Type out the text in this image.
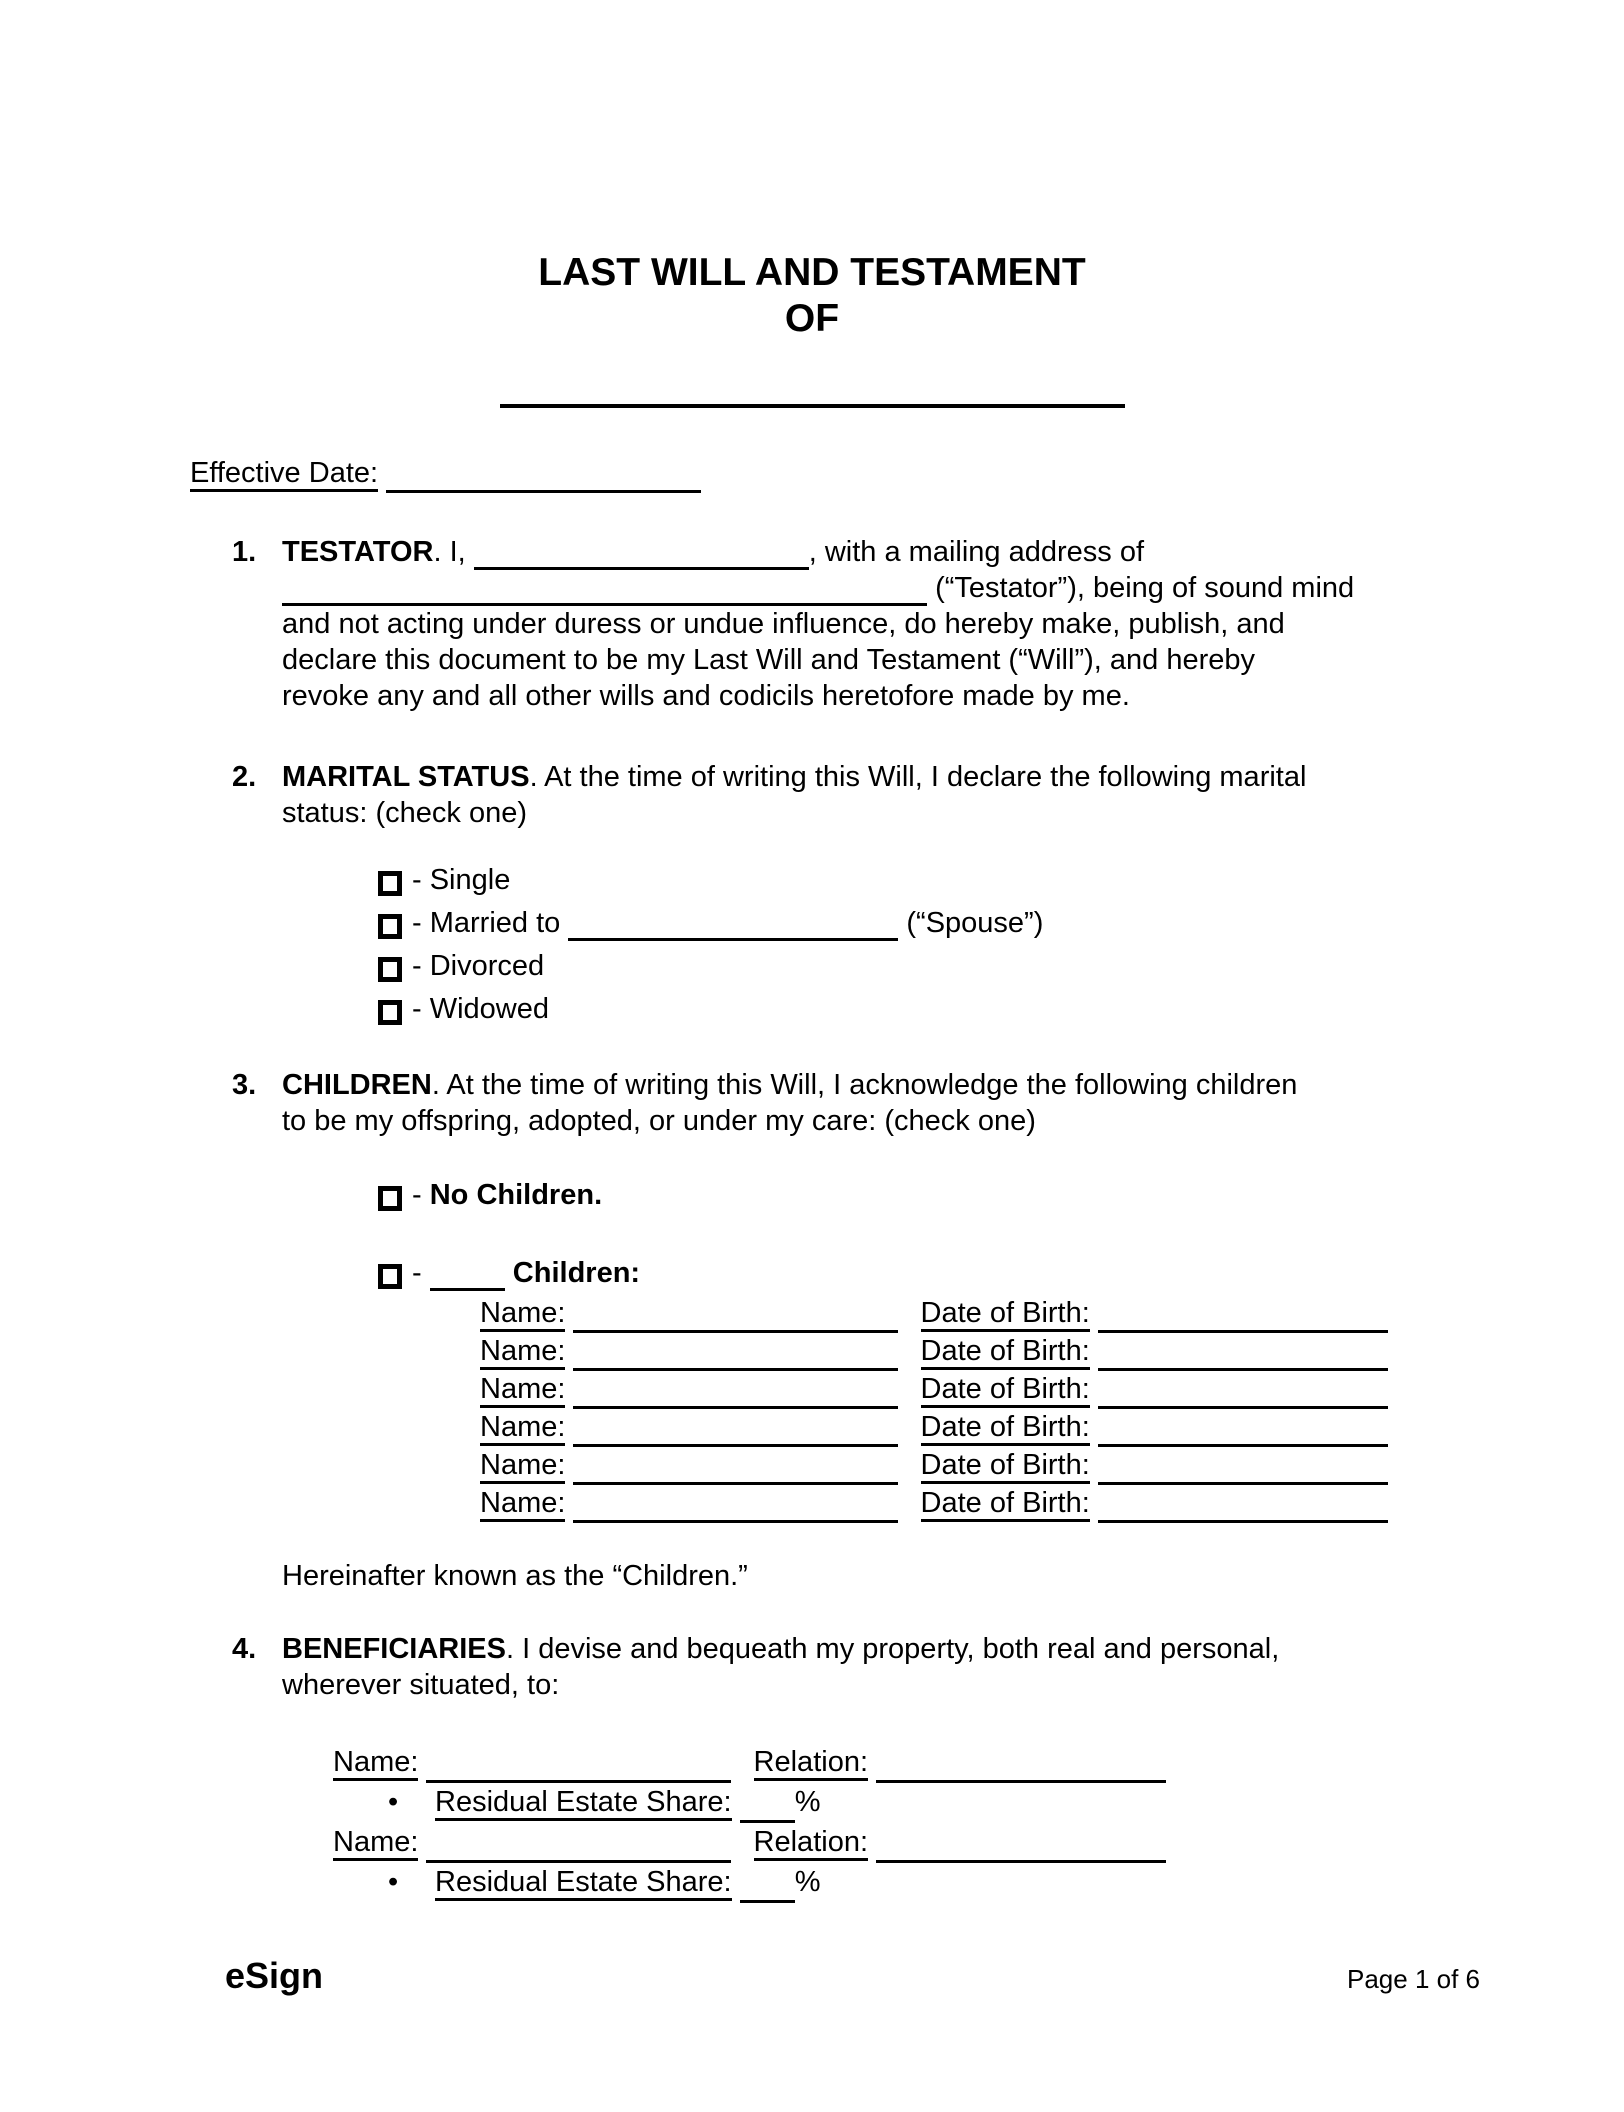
LAST WILL AND TESTAMENT
OF
Effective Date:
1. TESTATOR. I,	, with a mailing address of
(“Testator”), being of sound mind
and not acting under duress or undue influence, do hereby make, publish, and
declare this document to be my Last Will and Testament (“Will”), and hereby
revoke any and all other wills and codicils heretofore made by me.
2. MARITAL STATUS. At the time of writing this Will, I declare the following marital
status: (check one)
- Single
- Married to	(“Spouse”)
- Divorced
- Widowed
3. CHILDREN. At the time of writing this Will, I acknowledge the following children
to be my offspring, adopted, or under my care: (check one)
- No Children.
-	Children:
Name:	Date of Birth:
Name:	Date of Birth:
Name:	Date of Birth:
Name:	Date of Birth:
Name:	Date of Birth:
Name:	Date of Birth:
Hereinafter known as the “Children.”
4. BENEFICIARIES. I devise and bequeath my property, both real and personal,
wherever situated, to:
Name:	Relation:
• Residual Estate Share: %
Name:	Relation:
• Residual Estate Share: %
eSign	Page 1 of 6
